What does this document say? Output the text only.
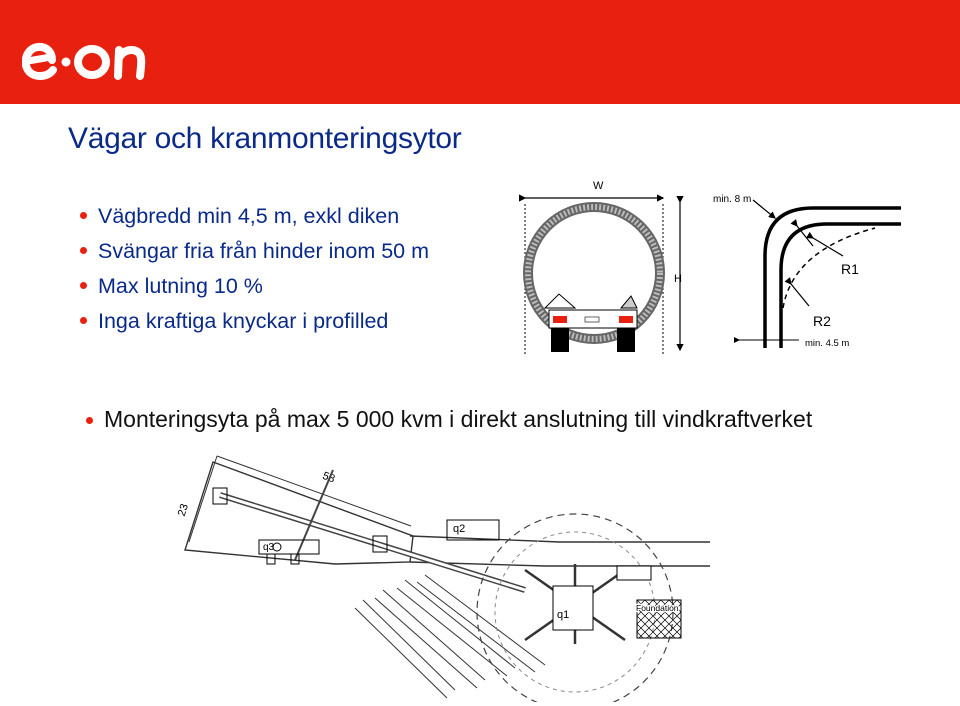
Vägar och kranmonteringsytor
Vägbredd min 4,5 m, exkl diken
Svängar fria från hinder inom 50 m
Max lutning 10 %
Inga kraftiga knyckar i profilled
W
H
min. 8 m
R1
R2
min. 4.5 m
Monteringsyta på max 5 000 kvm i direkt anslutning till vindkraftverket
23
58
q2
q3
q1
Foundation
